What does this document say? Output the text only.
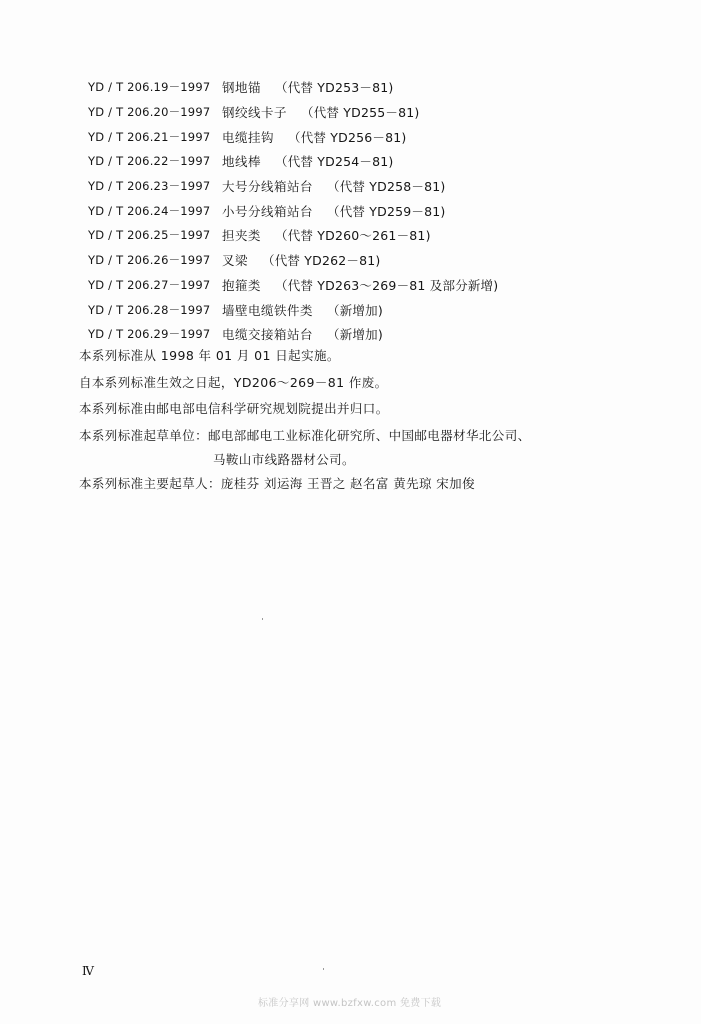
YD / T 206.19－1997 钢地锚 （代替 YD253－81)
YD / T 206.20－1997 钢绞线卡子 （代替 YD255－81)
YD / T 206.21－1997 电缆挂钩 （代替 YD256－81)
YD / T 206.22－1997 地线棒 （代替 YD254－81)
YD / T 206.23－1997 大号分线箱站台 （代替 YD258－81)
YD / T 206.24－1997 小号分线箱站台 （代替 YD259－81)
YD / T 206.25－1997 担夹类 （代替 YD260～261－81)
YD / T 206.26－1997 叉梁 （代替 YD262－81)
YD / T 206.27－1997 抱箍类 （代替 YD263～269－81 及部分新增)
YD / T 206.28－1997 墙壁电缆铁件类 （新增加)
YD / T 206.29－1997 电缆交接箱站台 （新增加)
本系列标准从 1998 年 01 月 01 日起实施。
自本系列标准生效之日起，YD206～269－81 作废。
本系列标准由邮电部电信科学研究规划院提出并归口。
本系列标准起草单位：邮电部邮电工业标准化研究所、中国邮电器材华北公司、
马鞍山市线路器材公司。
本系列标准主要起草人：庞桂芬 刘运海 王晋之 赵名富 黄先琼 宋加俊
Ⅳ
标准分享网 www.bzfxw.com 免费下载
